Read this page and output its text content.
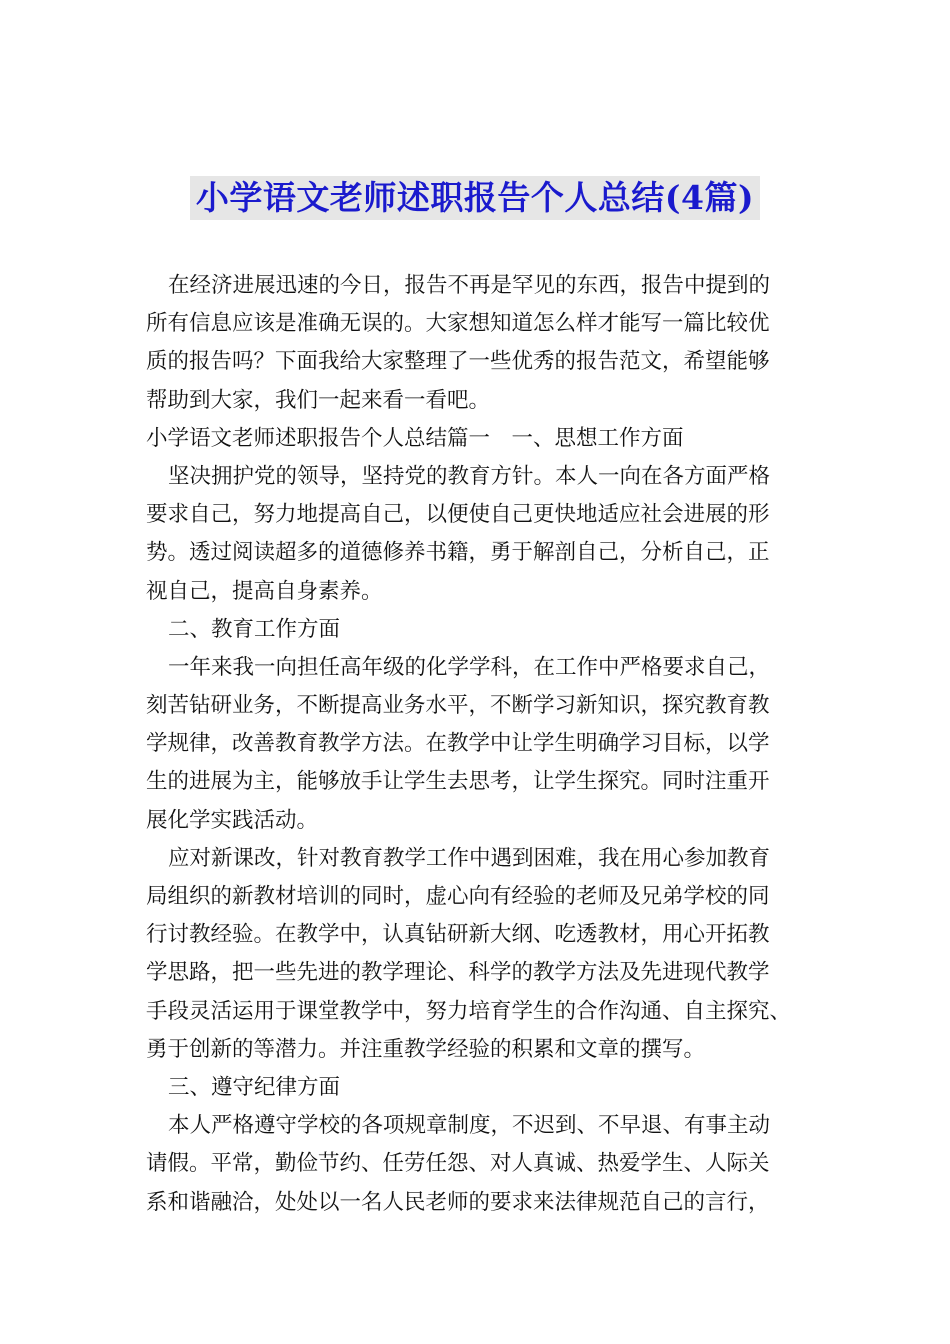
小学语文老师述职报告个人总结(4篇)
在经济进展迅速的今日，报告不再是罕见的东西，报告中提到的
所有信息应该是准确无误的。大家想知道怎么样才能写一篇比较优
质的报告吗？下面我给大家整理了一些优秀的报告范文，希望能够
帮助到大家，我们一起来看一看吧。
小学语文老师述职报告个人总结篇一　一、思想工作方面
坚决拥护党的领导，坚持党的教育方针。本人一向在各方面严格
要求自己，努力地提高自己，以便使自己更快地适应社会进展的形
势。透过阅读超多的道德修养书籍，勇于解剖自己，分析自己，正
视自己，提高自身素养。
二、教育工作方面
一年来我一向担任高年级的化学学科，在工作中严格要求自己，
刻苦钻研业务，不断提高业务水平，不断学习新知识，探究教育教
学规律，改善教育教学方法。在教学中让学生明确学习目标，以学
生的进展为主，能够放手让学生去思考，让学生探究。同时注重开
展化学实践活动。
应对新课改，针对教育教学工作中遇到困难，我在用心参加教育
局组织的新教材培训的同时，虚心向有经验的老师及兄弟学校的同
行讨教经验。在教学中，认真钻研新大纲、吃透教材，用心开拓教
学思路，把一些先进的教学理论、科学的教学方法及先进现代教学
手段灵活运用于课堂教学中，努力培育学生的合作沟通、自主探究、
勇于创新的等潜力。并注重教学经验的积累和文章的撰写。
三、遵守纪律方面
本人严格遵守学校的各项规章制度，不迟到、不早退、有事主动
请假。平常，勤俭节约、任劳任怨、对人真诚、热爱学生、人际关
系和谐融洽，处处以一名人民老师的要求来法律规范自己的言行，
